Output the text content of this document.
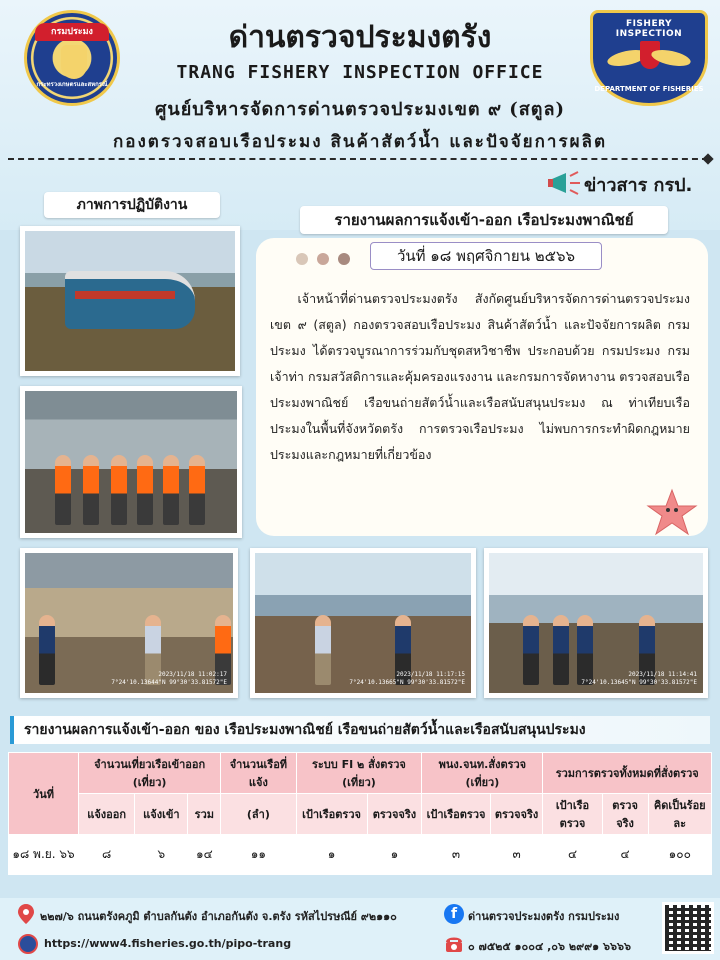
กรมประมง
กระทรวงเกษตรและสหกรณ์
FISHERY INSPECTION
DEPARTMENT OF FISHERIES
ด่านตรวจประมงตรัง
TRANG FISHERY INSPECTION OFFICE
ศูนย์บริหารจัดการด่านตรวจประมงเขต ๙ (สตูล)
กองตรวจสอบเรือประมง สินค้าสัตว์น้ำ และปัจจัยการผลิต
ข่าวสาร กรป.
ภาพการปฏิบัติงาน
รายงานผลการแจ้งเข้า-ออก เรือประมงพาณิชย์
2023/11/18 11:02:17
7°24'10.13644"N 99°30'33.81572"E
2023/11/18 11:17:15
7°24'10.13665"N 99°30'33.81572"E
2023/11/18 11:14:41
7°24'10.13645"N 99°30'33.81572"E

วันที่ ๑๘ พฤศจิกายน ๒๕๖๖

เจ้าหน้าที่ด่านตรวจประมงตรัง สังกัดศูนย์บริหารจัดการด่านตรวจประมง เขต ๙ (สตูล) กองตรวจสอบเรือประมง สินค้าสัตว์น้ำ และปัจจัยการผลิต กรมประมง ได้ตรวจบูรณาการร่วมกับชุดสหวิชาชีพ ประกอบด้วย กรมประมง กรมเจ้าท่า กรมสวัสดิการและคุ้มครองแรงงาน และกรมการจัดหางาน ตรวจสอบเรือประมงพาณิชย์ เรือขนถ่ายสัตว์น้ำและเรือสนับสนุนประมง ณ ท่าเทียบเรือประมงในพื้นที่จังหวัดตรัง การตรวจเรือประมง ไม่พบการกระทำผิดกฎหมายประมงและกฎหมายที่เกี่ยวข้อง

รายงานผลการแจ้งเข้า-ออก ของ เรือประมงพาณิชย์ เรือขนถ่ายสัตว์น้ำและเรือสนับสนุนประมง
วันที่	จำนวนเที่ยวเรือเข้าออก (เที่ยว)			จำนวนเรือที่แจ้ง	ระบบ FI ๒ สั่งตรวจ (เที่ยว)		พนง.จนท.สั่งตรวจ (เที่ยว)		รวมการตรวจทั้งหมดที่สั่งตรวจ		
	แจ้งออก	แจ้งเข้า	รวม	(ลำ)	เป้าเรือตรวจ	ตรวจจริง	เป้าเรือตรวจ	ตรวจจริง	เป้าเรือตรวจ	ตรวจจริง	คิดเป็นร้อยละ
๑๘ พ.ย. ๖๖	๘	๖	๑๔	๑๑	๑	๑	๓	๓	๔	๔	๑๐๐
๒๒๗/๖ ถนนตรังคภูมิ ตำบลกันตัง อำเภอกันตัง จ.ตรัง รหัสไปรษณีย์ ๙๒๑๑๐	f ด่านตรวจประมงตรัง กรมประมง
https://www4.fisheries.go.th/pipo-trang	๐ ๗๕๒๕ ๑๐๐๔ ,๐๖ ๒๙๙๑ ๖๖๖๖
